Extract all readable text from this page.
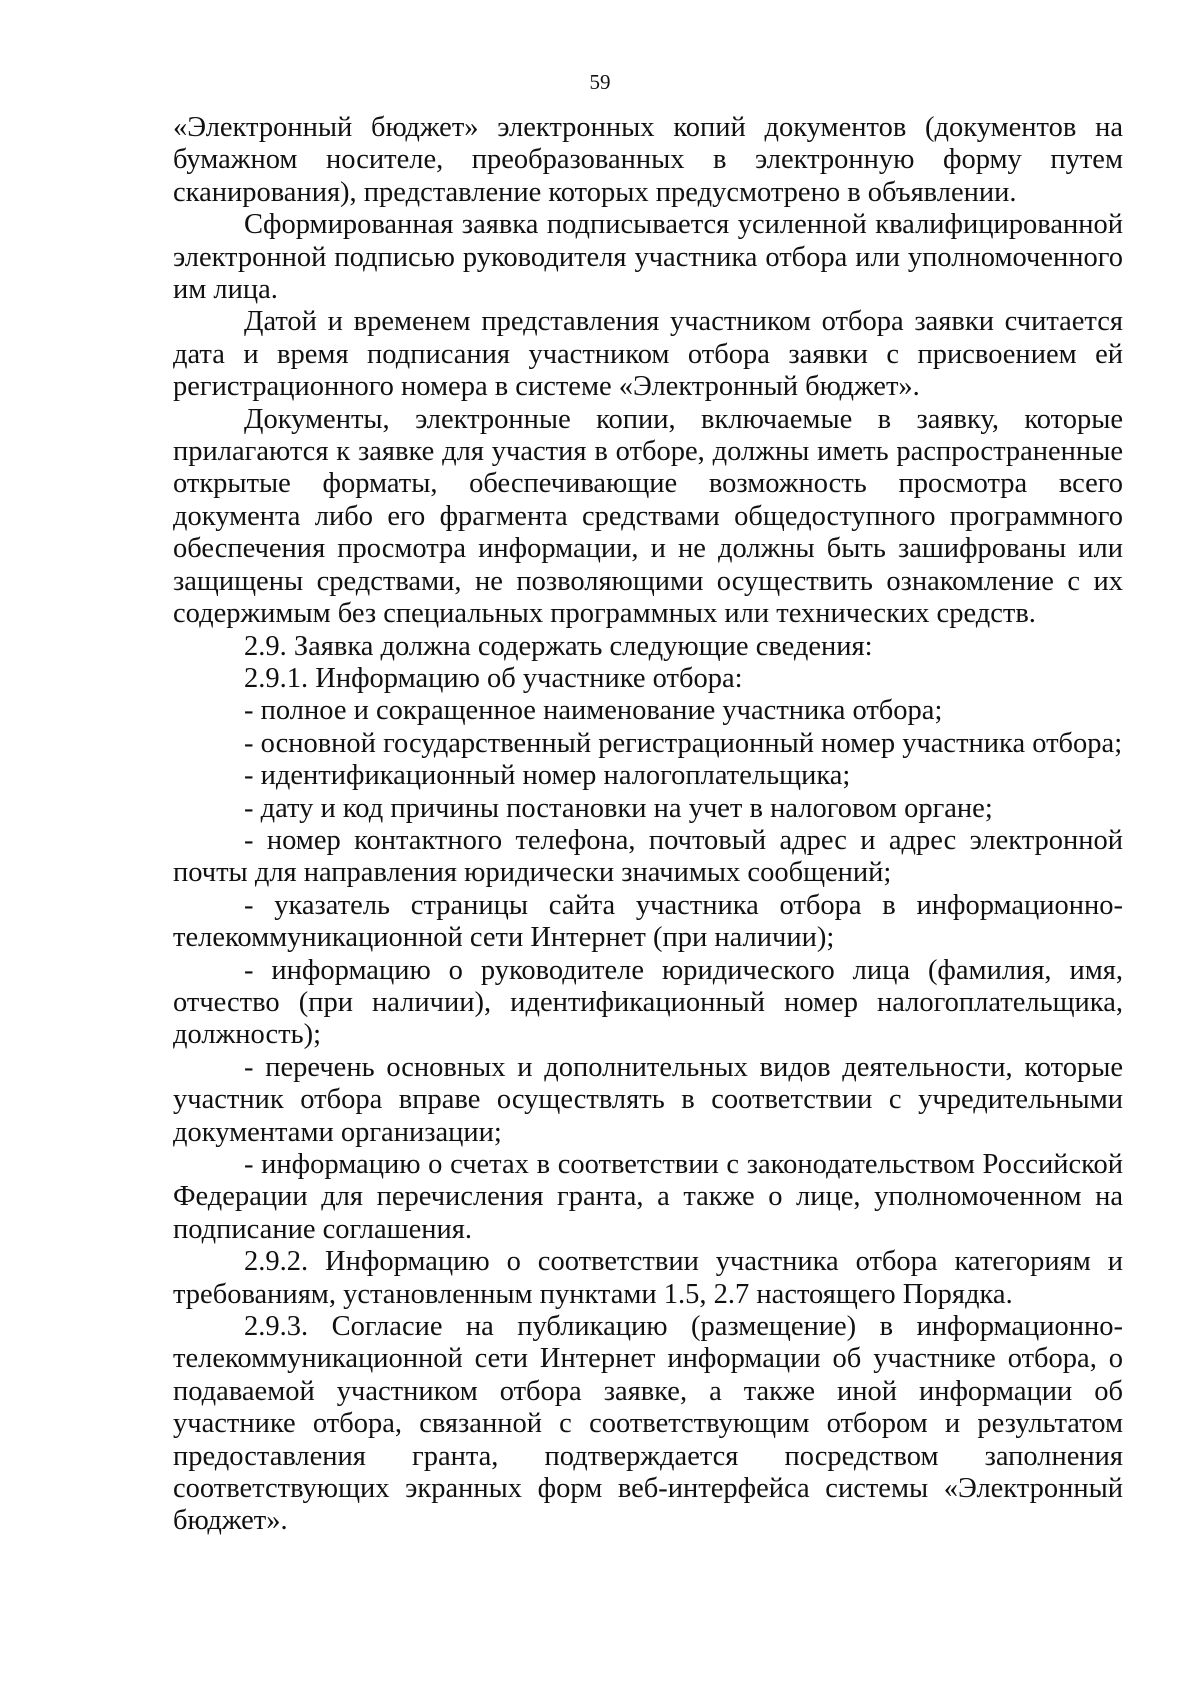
59

«Электронный бюджет» электронных копий документов (документов на бумажном носителе, преобразованных в электронную форму путем сканирования), представление которых предусмотрено в объявлении.

Сформированная заявка подписывается усиленной квалифицированной электронной подписью руководителя участника отбора или уполномоченного им лица.

Датой и временем представления участником отбора заявки считается дата и время подписания участником отбора заявки с присвоением ей регистрационного номера в системе «Электронный бюджет».

Документы, электронные копии, включаемые в заявку, которые прилагаются к заявке для участия в отборе, должны иметь распространенные открытые форматы, обеспечивающие возможность просмотра всего документа либо его фрагмента средствами общедоступного программного обеспечения просмотра информации, и не должны быть зашифрованы или защищены средствами, не позволяющими осуществить ознакомление с их содержимым без специальных программных или технических средств.

2.9. Заявка должна содержать следующие сведения:

2.9.1. Информацию об участнике отбора:

- полное и сокращенное наименование участника отбора;

- основной государственный регистрационный номер участника отбора;

- идентификационный номер налогоплательщика;

- дату и код причины постановки на учет в налоговом органе;

- номер контактного телефона, почтовый адрес и адрес электронной почты для направления юридически значимых сообщений;

- указатель страницы сайта участника отбора в информационно-телекоммуникационной сети Интернет (при наличии);

- информацию о руководителе юридического лица (фамилия, имя, отчество (при наличии), идентификационный номер налогоплательщика, должность);

- перечень основных и дополнительных видов деятельности, которые участник отбора вправе осуществлять в соответствии с учредительными документами организации;

- информацию о счетах в соответствии с законодательством Российской Федерации для перечисления гранта, а также о лице, уполномоченном на подписание соглашения.

2.9.2. Информацию о соответствии участника отбора категориям и требованиям, установленным пунктами 1.5, 2.7 настоящего Порядка.

2.9.3. Согласие на публикацию (размещение) в информационно-телекоммуникационной сети Интернет информации об участнике отбора, о подаваемой участником отбора заявке, а также иной информации об участнике отбора, связанной с соответствующим отбором и результатом предоставления гранта, подтверждается посредством заполнения соответствующих экранных форм веб-интерфейса системы «Электронный бюджет».
